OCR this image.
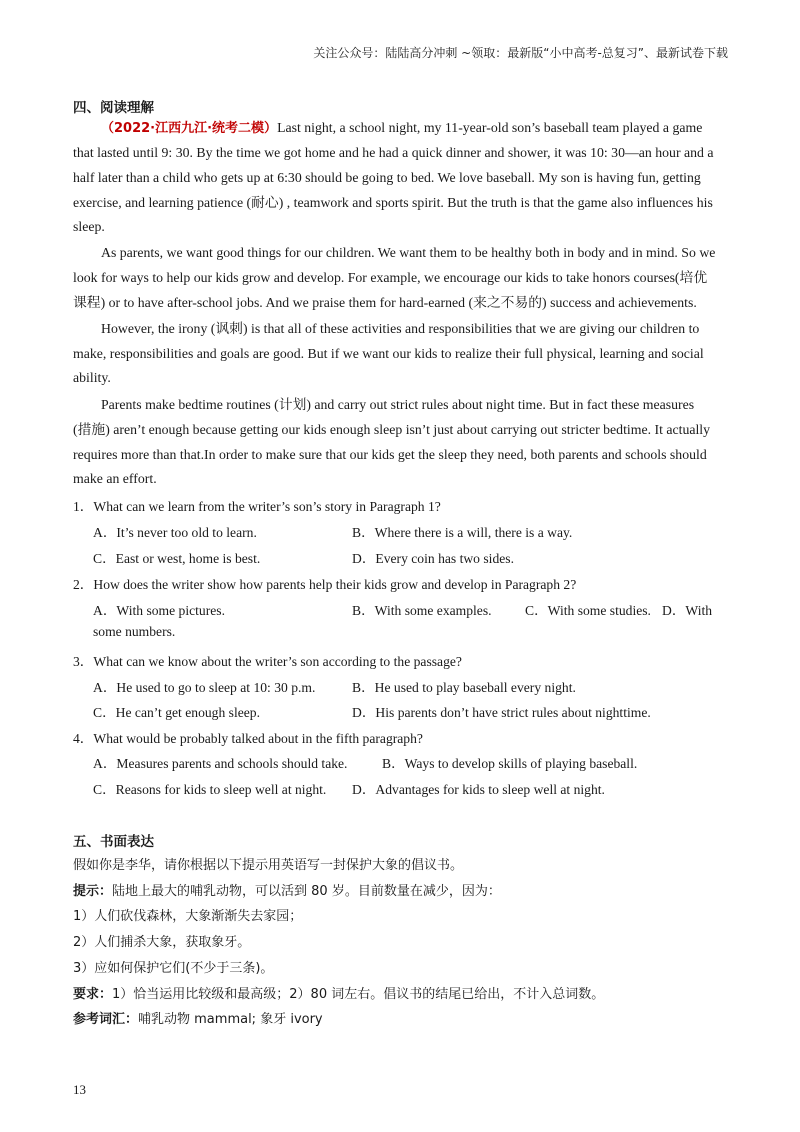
关注公众号：陆陆高分冲刺 ~领取：最新版“小中高考-总复习”、最新试卷下载
四、阅读理解
（2022·江西九江·统考二模）Last night, a school night, my 11-year-old son’s baseball team played a game
that lasted until 9: 30. By the time we got home and he had a quick dinner and shower, it was 10: 30—an hour and a
half later than a child who gets up at 6:30 should be going to bed. We love baseball. My son is having fun, getting
exercise, and learning patience (耐心) , teamwork and sports spirit. But the truth is that the game also influences his
sleep.
As parents, we want good things for our children. We want them to be healthy both in body and in mind. So we
look for ways to help our kids grow and develop. For example, we encourage our kids to take honors courses(培优
课程) or to have after-school jobs. And we praise them for hard-earned (来之不易的) success and achievements.
However, the irony (讽刺) is that all of these activities and responsibilities that we are giving our children to
make, responsibilities and goals are good. But if we want our kids to realize their full physical, learning and social
ability.
Parents make bedtime routines (计划) and carry out strict rules about night time. But in fact these measures
(措施) aren’t enough because getting our kids enough sleep isn’t just about carrying out stricter bedtime. It actually
requires more than that.In order to make sure that our kids get the sleep they need, both parents and schools should
make an effort.
1．What can we learn from the writer’s son’s story in Paragraph 1?
A．It’s never too old to learn.	B．Where there is a will, there is a way.
C．East or west, home is best.	D．Every coin has two sides.
2．How does the writer show how parents help their kids grow and develop in Paragraph 2?
A．With some pictures.	B．With some examples. C．With some studies. D．With
some numbers.
3．What can we know about the writer’s son according to the passage?
A．He used to go to sleep at 10: 30 p.m.	B．He used to play baseball every night.
C．He can’t get enough sleep.	D．His parents don’t have strict rules about nighttime.
4．What would be probably talked about in the fifth paragraph?
A．Measures parents and schools should take.	B．Ways to develop skills of playing baseball.
C．Reasons for kids to sleep well at night. D．Advantages for kids to sleep well at night.
五、书面表达
假如你是李华，请你根据以下提示用英语写一封保护大象的倡议书。
提示：陆地上最大的哺乳动物，可以活到 80 岁。目前数量在减少，因为：
1）人们砍伐森林，大象渐渐失去家园；
2）人们捕杀大象，获取象牙。
3）应如何保护它们(不少于三条)。
要求：1）恰当运用比较级和最高级；2）80 词左右。倡议书的结尾已给出，不计入总词数。
参考词汇：哺乳动物 mammal; 象牙 ivory
13
